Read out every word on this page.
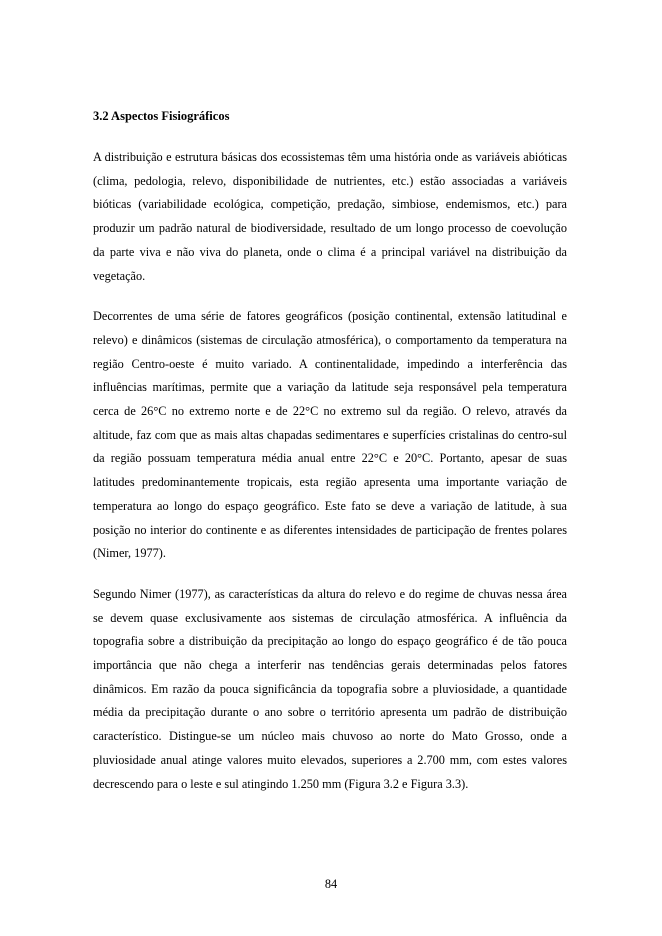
3.2 Aspectos Fisiográficos

A distribuição e estrutura básicas dos ecossistemas têm uma história onde as variáveis abióticas (clima, pedologia, relevo, disponibilidade de nutrientes, etc.) estão associadas a variáveis bióticas (variabilidade ecológica, competição, predação, simbiose, endemismos, etc.) para produzir um padrão natural de biodiversidade, resultado de um longo processo de coevolução da parte viva e não viva do planeta, onde o clima é a principal variável na distribuição da vegetação.

Decorrentes de uma série de fatores geográficos (posição continental, extensão latitudinal e relevo) e dinâmicos (sistemas de circulação atmosférica), o comportamento da temperatura na região Centro-oeste é muito variado. A continentalidade, impedindo a interferência das influências marítimas, permite que a variação da latitude seja responsável pela temperatura cerca de 26°C no extremo norte e de 22°C no extremo sul da região. O relevo, através da altitude, faz com que as mais altas chapadas sedimentares e superfícies cristalinas do centro-sul da região possuam temperatura média anual entre 22°C e 20°C. Portanto, apesar de suas latitudes predominantemente tropicais, esta região apresenta uma importante variação de temperatura ao longo do espaço geográfico. Este fato se deve a variação de latitude, à sua posição no interior do continente e as diferentes intensidades de participação de frentes polares (Nimer, 1977).

Segundo Nimer (1977), as características da altura do relevo e do regime de chuvas nessa área se devem quase exclusivamente aos sistemas de circulação atmosférica. A influência da topografia sobre a distribuição da precipitação ao longo do espaço geográfico é de tão pouca importância que não chega a interferir nas tendências gerais determinadas pelos fatores dinâmicos. Em razão da pouca significância da topografia sobre a pluviosidade, a quantidade média da precipitação durante o ano sobre o território apresenta um padrão de distribuição característico. Distingue-se um núcleo mais chuvoso ao norte do Mato Grosso, onde a pluviosidade anual atinge valores muito elevados, superiores a 2.700 mm, com estes valores decrescendo para o leste e sul atingindo 1.250 mm (Figura 3.2 e Figura 3.3).

84
